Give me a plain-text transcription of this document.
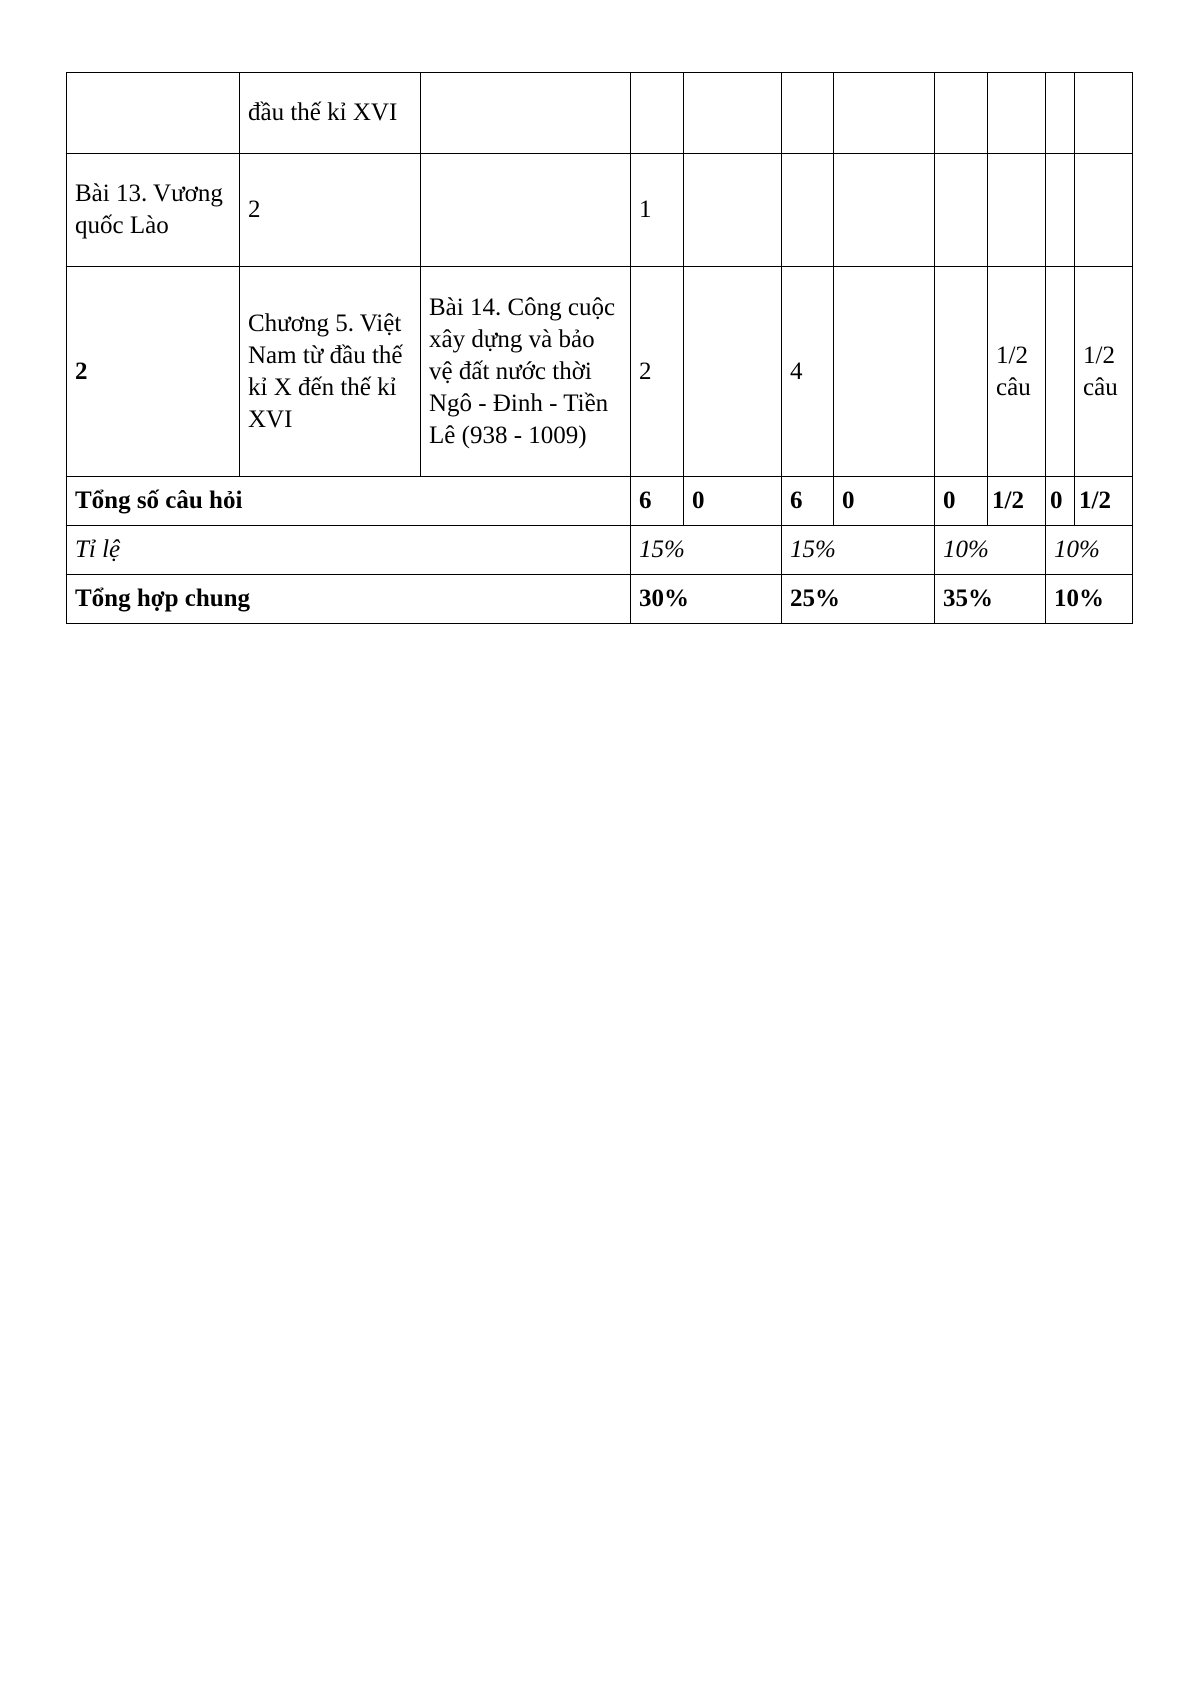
	đầu thế kỉ XVI									
Bài 13. Vương quốc Lào	2		1							
2	Chương 5. Việt Nam từ đầu thế kỉ X đến thế kỉ XVI	Bài 14. Công cuộc xây dựng và bảo vệ đất nước thời Ngô - Đinh - Tiền Lê (938 - 1009)	2		4			1/2 câu		1/2 câu
Tổng số câu hỏi			6	0	6	0	0	1/2	0	1/2
Tỉ lệ			15%		15%		10%		10%	
Tổng hợp chung			30%		25%		35%		10%	
